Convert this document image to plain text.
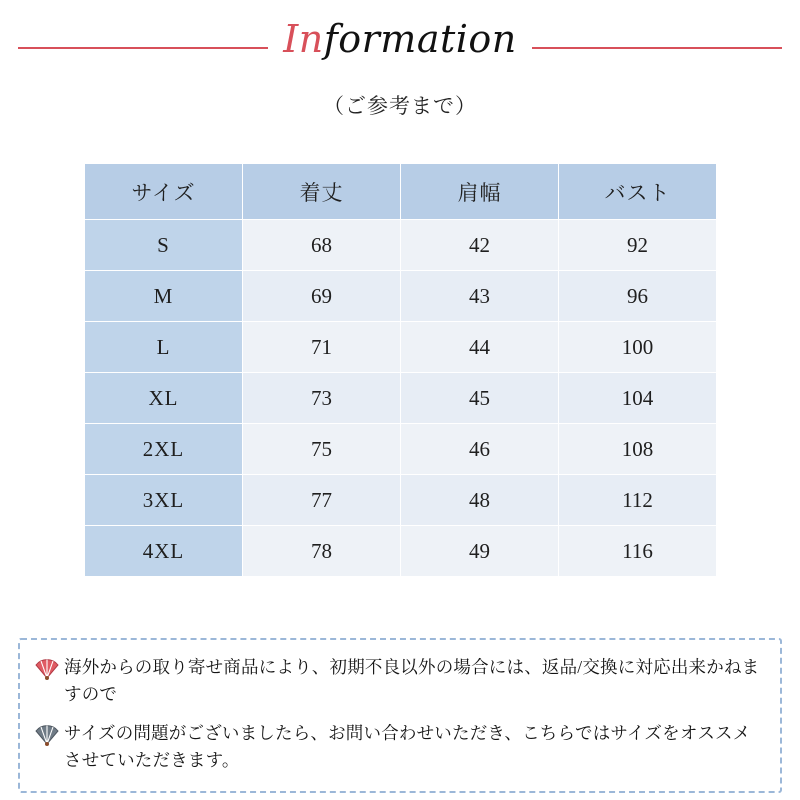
Information
（ご参考まで）
サイズ	着丈	肩幅	バスト
S	68	42	92
M	69	43	96
L	71	44	100
XL	73	45	104
2XL	75	46	108
3XL	77	48	112
4XL	78	49	116
海外からの取り寄せ商品により、初期不良以外の場合には、返品/交換に対応出来かねますので
サイズの問題がございましたら、お問い合わせいただき、こちらではサイズをオススメさせていただきます。
